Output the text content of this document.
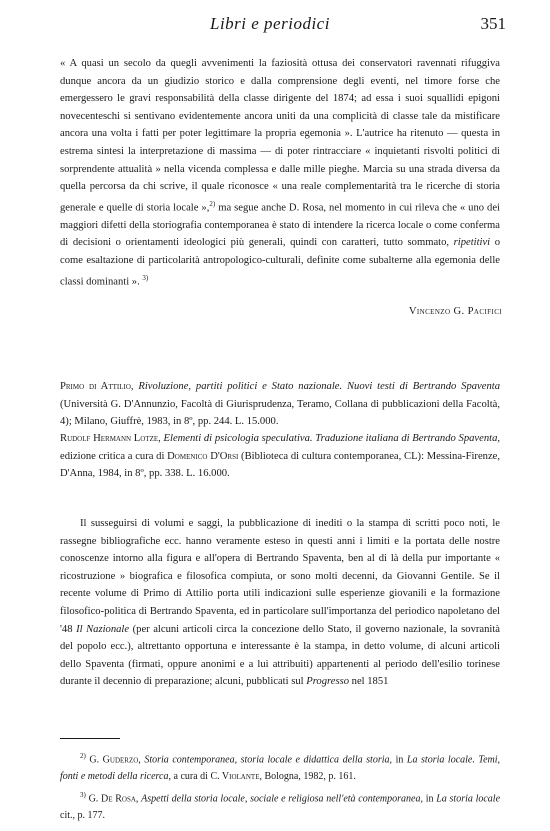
Libri e periodici	351
« A quasi un secolo da quegli avvenimenti la faziosità ottusa dei conservatori ravennati rifuggiva dunque ancora da un giudizio storico e dalla comprensione degli eventi, nel timore forse che emergessero le gravi responsabilità della classe dirigente del 1874; ad essa i suoi squallidi epigoni novecenteschi si sentivano evidentemente ancora uniti da una complicità di classe tale da mistificare ancora una volta i fatti per poter legittimare la propria egemonia ». L'autrice ha ritenuto — questa in estrema sintesi la interpretazione di massima — di poter rintracciare « inquietanti risvolti politici di sorprendente attualità » nella vicenda complessa e dalle mille pieghe. Marcia su una strada diversa da quella percorsa da chi scrive, il quale riconosce « una reale complementarità tra le ricerche di storia generale e quelle di storia locale »,$^{2)}$ ma segue anche D. Rosa, nel momento in cui rileva che « uno dei maggiori difetti della storiografia contemporanea è stato di intendere la ricerca locale o come conferma di decisioni o orientamenti ideologici più generali, quindi con caratteri, tutto sommato, ripetitivi o come esaltazione di particolarità antropologico-culturali, definite come subalterne alla egemonia delle classi dominanti ». $^{3)}$
Vincenzo G. Pacifici
Primo di Attilio, Rivoluzione, partiti politici e Stato nazionale. Nuovi testi di Bertrando Spaventa (Università G. D'Annunzio, Facoltà di Giurisprudenza, Teramo, Collana di pubblicazioni della Facoltà, 4); Milano, Giuffrè, 1983, in 8º, pp. 244. L. 15.000.
Rudolf Hermann Lotze, Elementi di psicologia speculativa. Traduzione italiana di Bertrando Spaventa, edizione critica a cura di Domenico D'Orsi (Biblioteca di cultura contemporanea, CL): Messina-Firenze, D'Anna, 1984, in 8º, pp. 338. L. 16.000.
Il susseguirsi di volumi e saggi, la pubblicazione di inediti o la stampa di scritti poco noti, le rassegne bibliografiche ecc. hanno veramente esteso in questi anni i limiti e la portata delle nostre conoscenze intorno alla figura e all'opera di Bertrando Spaventa, ben al di là della pur importante « ricostruzione » biografica e filosofica compiuta, or sono molti decenni, da Giovanni Gentile. Se il recente volume di Primo di Attilio porta utili indicazioni sulle esperienze giovanili e la formazione filosofico-politica di Bertrando Spaventa, ed in particolare sull'importanza del periodico napoletano del '48 Il Nazionale (per alcuni articoli circa la concezione dello Stato, il governo nazionale, la sovranità del popolo ecc.), altrettanto opportuna e interessante è la stampa, in detto volume, di alcuni articoli dello Spaventa (firmati, oppure anonimi e a lui attribuiti) appartenenti al periodo dell'esilio torinese durante il decennio di preparazione; alcuni, pubblicati sul Progresso nel 1851

$^{2)}$ G. Guderzo, Storia contemporanea, storia locale e didattica della storia, in La storia locale. Temi, fonti e metodi della ricerca, a cura di C. Violante, Bologna, 1982, p. 161.

$^{3)}$ G. De Rosa, Aspetti della storia locale, sociale e religiosa nell'età contemporanea, in La storia locale cit., p. 177.
